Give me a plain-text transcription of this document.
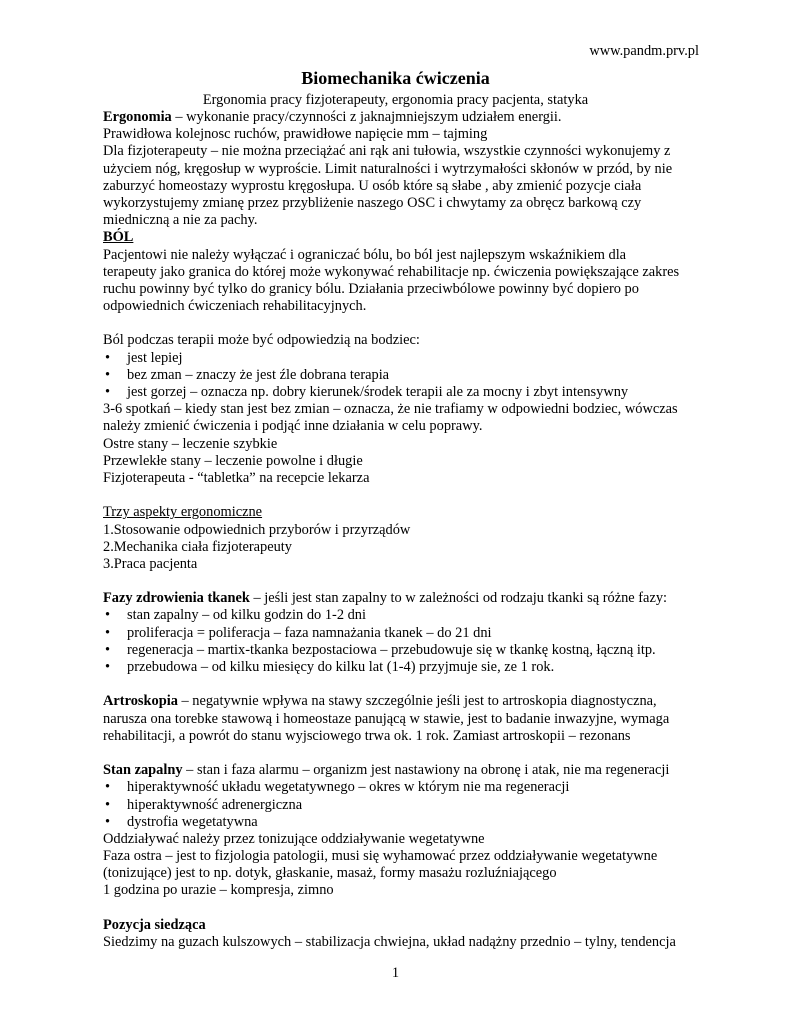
www.pandm.prv.pl
Biomechanika ćwiczenia
Ergonomia pracy fizjoterapeuty, ergonomia pracy pacjenta, statyka
Ergonomia – wykonanie pracy/czynności z jaknajmniejszym udziałem energii.
Prawidłowa kolejnosc ruchów, prawidłowe napięcie mm – tajming
Dla fizjoterapeuty – nie można przeciążać ani rąk ani tułowia, wszystkie czynności wykonujemy z
użyciem nóg, kręgosłup w wyproście. Limit naturalności i wytrzymałości skłonów w przód, by nie
zaburzyć homeostazy wyprostu kręgosłupa. U osób które są słabe , aby zmienić pozycje ciała
wykorzystujemy zmianę przez przybliżenie naszego OSC i chwytamy za obręcz barkową czy
miedniczną a nie za pachy.
BÓL
Pacjentowi nie należy wyłączać i ograniczać bólu, bo ból jest najlepszym wskaźnikiem dla
terapeuty jako granica do której może wykonywać rehabilitacje np. ćwiczenia powiększające zakres
ruchu powinny być tylko do granicy bólu. Działania przeciwbólowe powinny być dopiero po
odpowiednich ćwiczeniach rehabilitacyjnych.
Ból podczas terapii może być odpowiedzią na bodziec:
• jest lepiej
• bez zman – znaczy że jest źle dobrana terapia
• jest gorzej – oznacza np. dobry kierunek/środek terapii ale za mocny i zbyt intensywny
3-6 spotkań – kiedy stan jest bez zmian – oznacza, że nie trafiamy w odpowiedni bodziec, wówczas
należy zmienić ćwiczenia i podjąć inne działania w celu poprawy.
Ostre stany – leczenie szybkie
Przewlekłe stany – leczenie powolne i długie
Fizjoterapeuta - “tabletka” na recepcie lekarza
Trzy aspekty ergonomiczne
1.Stosowanie odpowiednich przyborów i przyrządów
2.Mechanika ciała fizjoterapeuty
3.Praca pacjenta
Fazy zdrowienia tkanek – jeśli jest stan zapalny to w zależności od rodzaju tkanki są różne fazy:
• stan zapalny – od kilku godzin do 1-2 dni
• proliferacja = poliferacja – faza namnażania tkanek – do 21 dni
• regeneracja – martix-tkanka bezpostaciowa – przebudowuje się w tkankę kostną, łączną itp.
• przebudowa – od kilku miesięcy do kilku lat (1-4) przyjmuje sie, ze 1 rok.
Artroskopia – negatywnie wpływa na stawy szczególnie jeśli jest to artroskopia diagnostyczna,
narusza ona torebke stawową i homeostaze panującą w stawie, jest to badanie inwazyjne, wymaga
rehabilitacji, a powrót do stanu wyjsciowego trwa ok. 1 rok. Zamiast artroskopii – rezonans
Stan zapalny – stan i faza alarmu – organizm jest nastawiony na obronę i atak, nie ma regeneracji
• hiperaktywność układu wegetatywnego – okres w którym nie ma regeneracji
• hiperaktywność adrenergiczna
• dystrofia wegetatywna
Oddziaływać należy przez tonizujące oddziaływanie wegetatywne
Faza ostra – jest to fizjologia patologii, musi się wyhamować przez oddziaływanie wegetatywne
(tonizujące) jest to np. dotyk, głaskanie, masaż, formy masażu rozluźniającego
1 godzina po urazie – kompresja, zimno
Pozycja siedząca
Siedzimy na guzach kulszowych – stabilizacja chwiejna, układ nadążny przednio – tylny, tendencja
1
